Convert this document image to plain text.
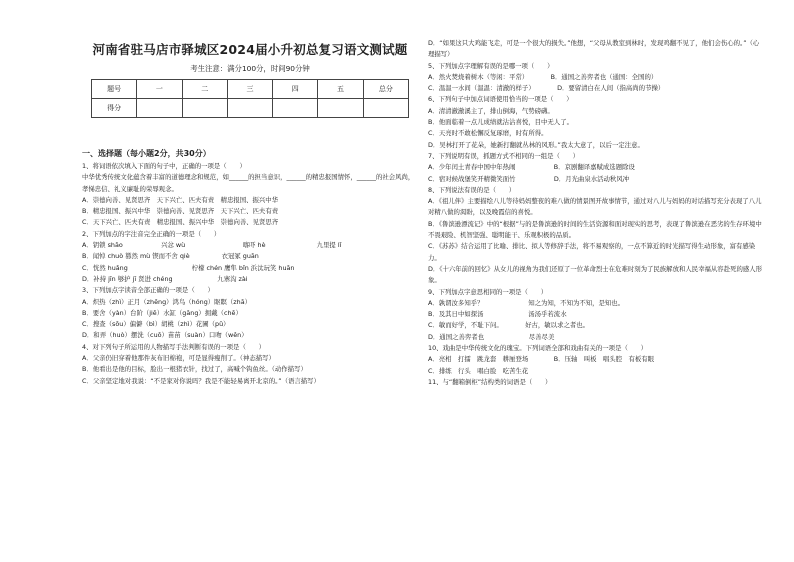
河南省驻马店市驿城区2024届小升初总复习语文测试题
考生注意：满分100分，时间90分钟
题号	一	二	三	四	五	总分
得分						
一、选择题（每小题2分，共30分）
1、将词语依次填入下面的句子中，正确的一项是（　　）
中华优秀传统文化蕴含着丰富的道德理念和规范，如______的担当意识，______的精忠报国情怀，______的社会风尚，孝悌忠信、礼义廉耻的荣辱观念。
A．崇德向善、见贤思齐　天下兴亡、匹夫有责　精忠报国、振兴中华
B．精忠报国、振兴中华　崇德向善、见贤思齐　天下兴亡、匹夫有责
C．天下兴亡、匹夫有责　精忠报国、振兴中华　崇德向善、见贤思齐
2、下列加点的字注音完全正确的一项是（　　）
A．钥锁 shāo　　　　　　兴忿 wù　　　　　　　　　喀吓 hè　　　　　　　　九里提 lǐ
B．闻悼 chuò 篡然 mù 锲而不舍 qiè　　　　　衣冠冢 guān
C．恍然 huǎng　　　　　　　　　　柠檬 chén 鹰隼 bǐn 浜汰玩笑 huān
D．补持 jīn 够护 jī 贤进 chéng　　　　　　　九寨沟 zài
3、下列加点字读音全部正确的一项是（　　）
A．炽热（zhì）正月（zhēng）鸿鸟（hóng）眍瞑（zhā）
B．要舍（yàn）台阶（jiē）水缸（gāng）拥戴（chē）
C．搜查（sōu）偏僻（bì）胡桃（zhì）花圃（pǔ）
D．和弄（huò）摆洗（cuō）苗苗（suàn）口吻（wěn）
4、对下列句子所运用的人物描写手法判断有误的一项是（　　）
A．父亲仍旧穿着他那件灰布旧棉袍，可是显得瘦削了。（神态描写）
B．他看出是他的目标，脸出一根猪衣针，找过了，高喊个钩鱼丝。（动作描写）
C．父亲坚定地对我说：“不是家对你说吗？我是不能轻易离开北京的。”（语言描写）
D．“如果这只大鸡能飞走，可是一个很大的损失。”他想，“父母从教室到林时，发现鸡翻不见了，他们会伤心的。”（心理描写）
5、下列加点字理解有误的是哪一项（　　）
A．然火焚烧着树木（等闲：平常）　　　　B．通国之善弈者也（通国：全国的）
C．温温一水间（温温：清澈的样子）　　　　D．要留清白在人间（指高尚的节操）
6、下列句子中加点词语使用恰当的一项是（　　）
A．清清澈澈溪主了，排山倒海，气势磅礴。
B．他面临着一点儿成绩就沾沾喜悦，目中无人了。
C．天亮时不敢松懈反复琢磨，时有所得。
D．吴林打开了花朵，她新打翻就丛林的风形。”我太大意了，以后一定注意。
7、下列说明有误，抓题方式不相同的一组是（　　）
A．少年闰土青春中国中年热闹　　　　　　B．京剧翻译嘉赋成选题除设
C．宿对候战堡笑开精微笑面竹　　　　　　D．月光曲泉水活动秋风冲
8、下列说法有误的是（　　）
A．《祖儿伴》主要描绘八儿等待妈妈整夜的难八做的情景图开故事情节，通过对八儿与妈妈的对话描写充分表现了八儿对精八做的渴盼，以及晚霞信的喜悦。
B．《鲁滨逊漂流记》中的“根据”与的是鲁滨逊的时间的生活资源和面对现实的思考，表现了鲁滨逊在恶劣的生存环境中不畏艰险、机智坚强、聪明能干、乐观积极的品质。
C．《苏苏》结合运用了比喻、排比、拟人等修辞手法，将不易观察的，一点不算近的时光描写得生动形象，富有感染力。
D．《十六年前的回忆》从女儿的视角为我们还原了一位革命烈士在危难时刻为了民族解放和人民幸福从容赴死的感人形象。
9、下列加点字意思相同的一项是（　　）
A．孰谓汝多知乎？　　　　　　　知之为知，不知为不知，是知也。
B．及其日中如探汤　　　　　　　汤汤乎若流水
C．敏而好学，不耻下问。　　　　好古，敏以求之者也。
D．通国之善弈者也　　　　　　　尽善尽美
10、戏曲是中华传统文化的瑰宝。下列词语全部和戏曲有关的一项是（　　）
A．亮相　打擂　跳龙套　耕厘登场　　　　B．压轴　叫板　唱头腔　有板有眼
C．排练　行头　唱白脸　吃苦生花
11、与“翻箱倒柜”结构类的词语是（　　）
